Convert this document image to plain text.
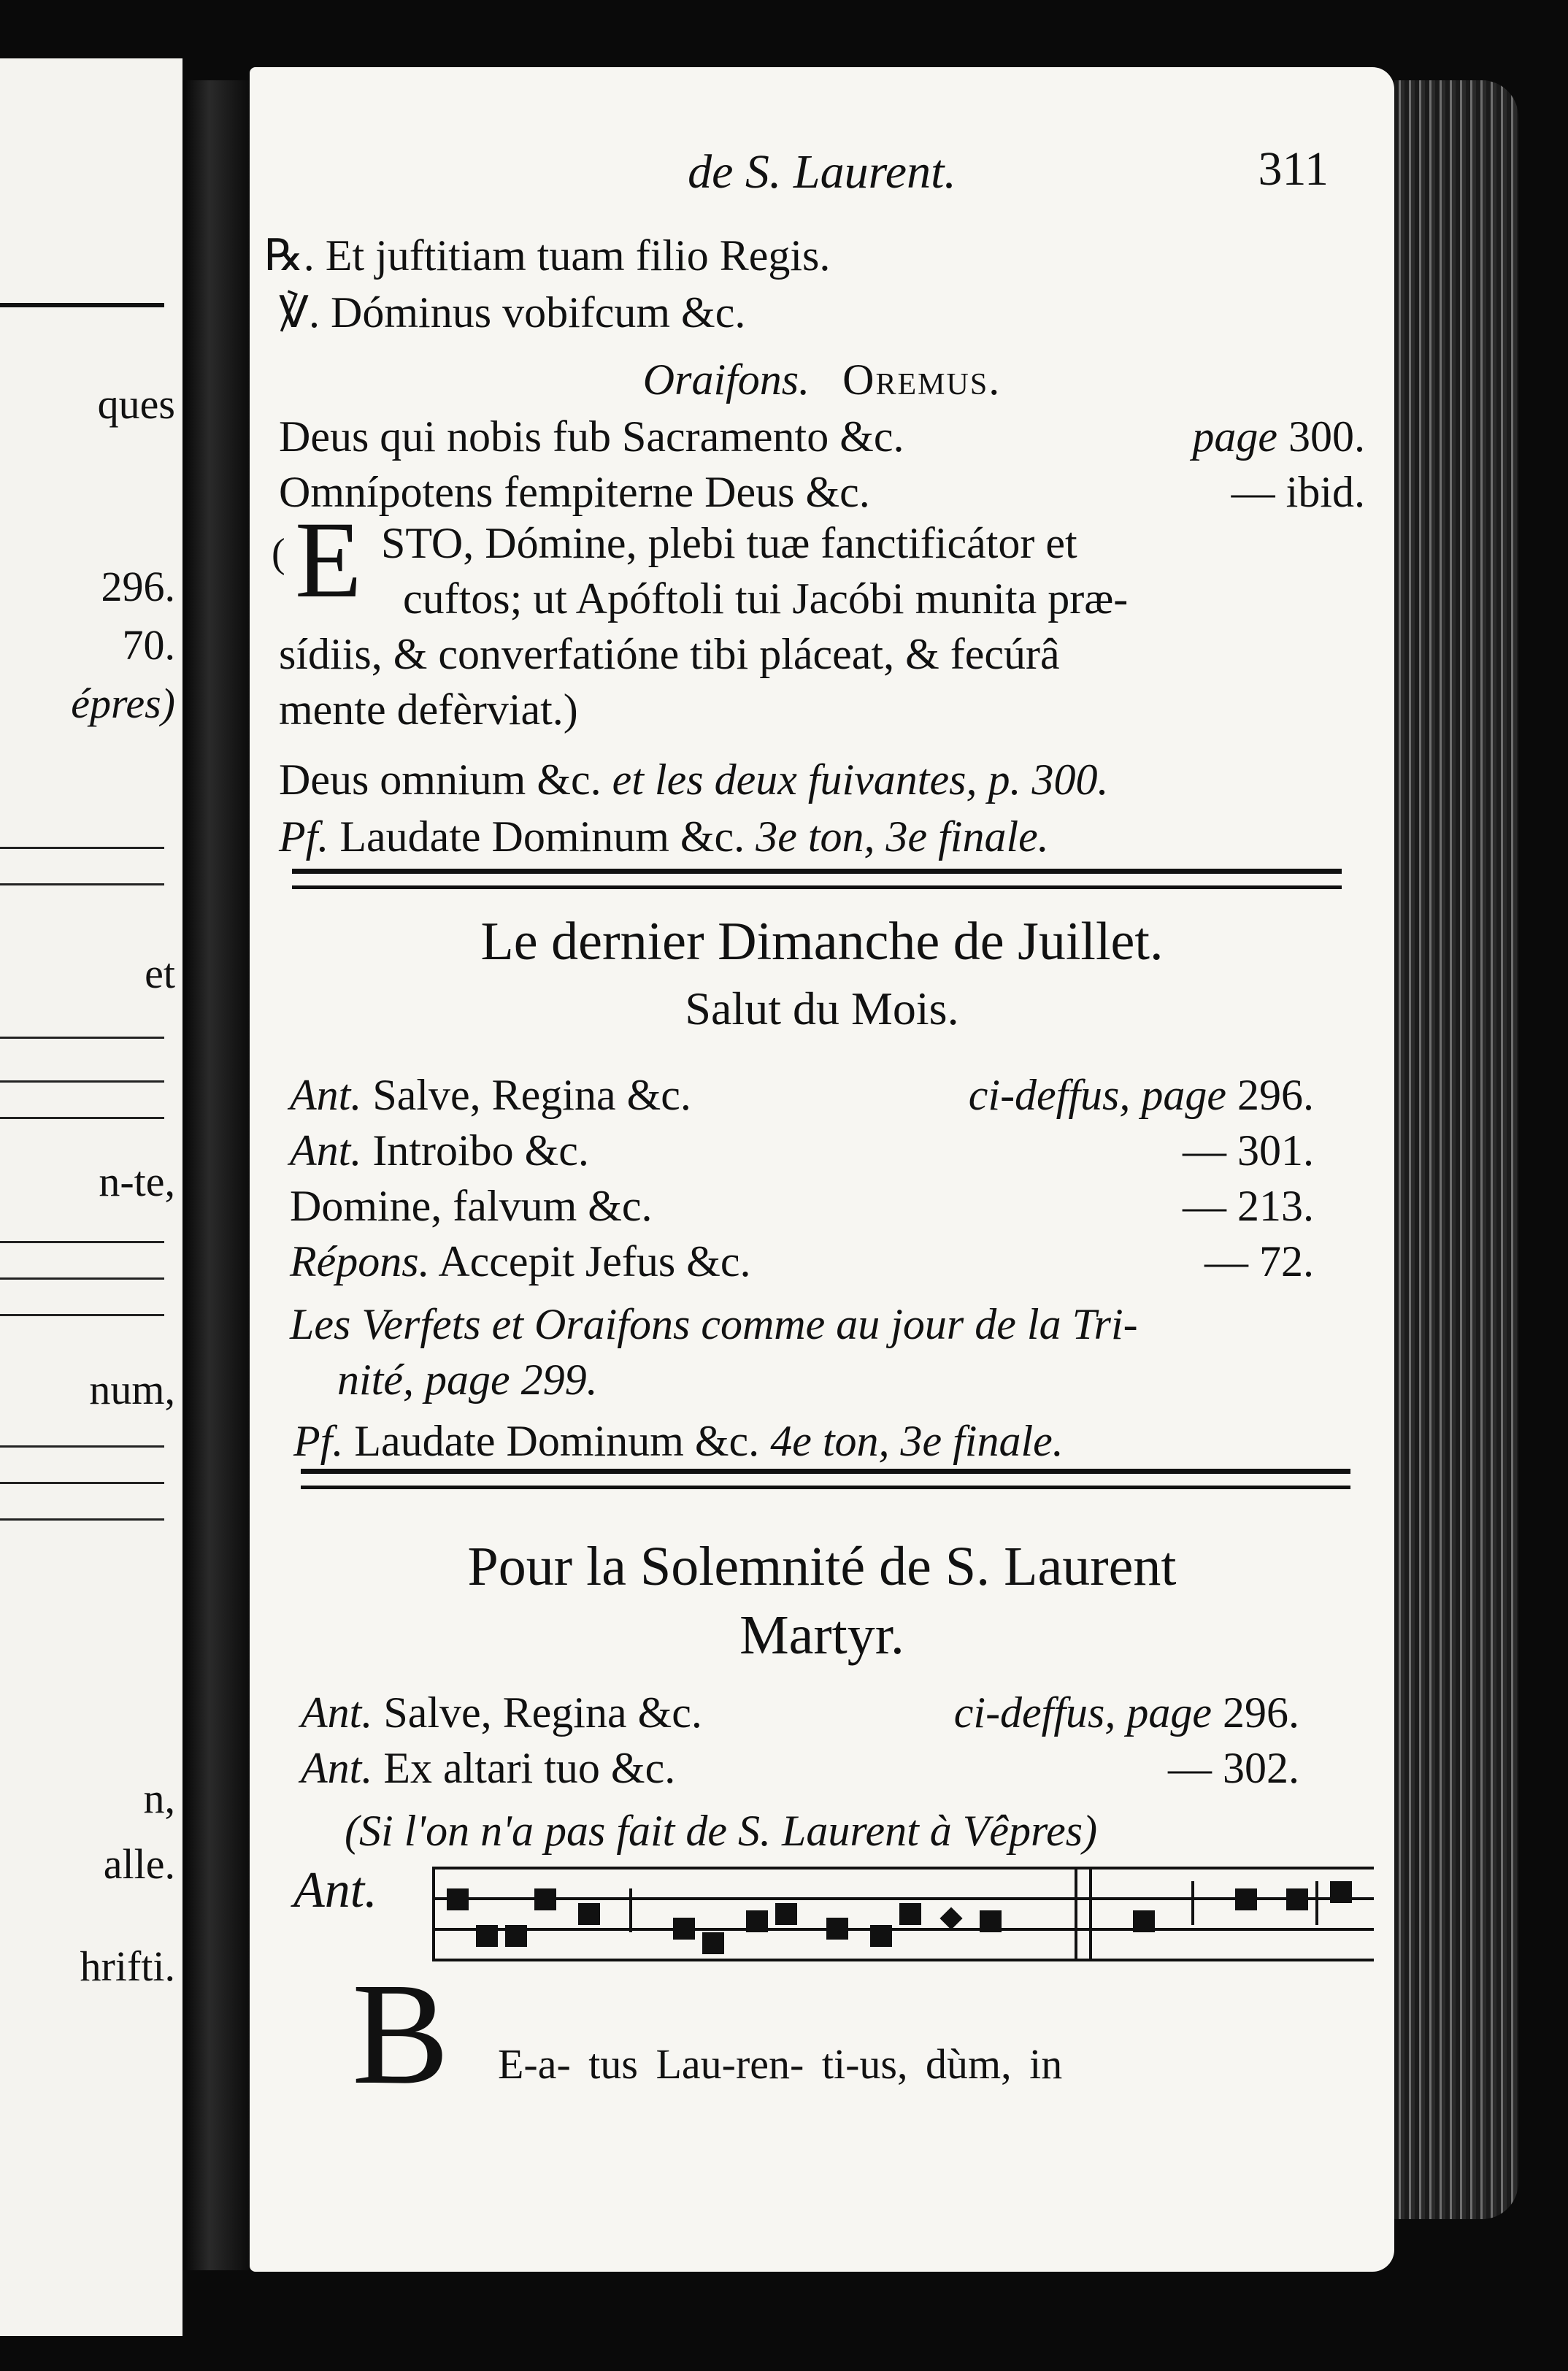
ques
296.
70.
épres)
et
n-te,
num,
n,
alle.
hrifti.
de S. Laurent.	311
℞. Et juftitiam tuam filio Regis.
℣. Dóminus vobifcum &c.
Oraifons. Oremus.
Deus qui nobis fub Sacramento &c.	page 300.
Omnípotens fempiterne Deus &c.	— ibid.
( E STO, Dómine, plebi tuæ fanctificátor et
cuftos; ut Apóftoli tui Jacóbi munita præ-
sídiis, & converfatióne tibi pláceat, & fecúrâ
mente defèrviat.)
Deus omnium &c. et les deux fuivantes, p. 300.
Pf. Laudate Dominum &c. 3e ton, 3e finale.
Le dernier Dimanche de Juillet.
Salut du Mois.
Ant. Salve, Regina &c.	ci-deffus, page 296.
Ant. Introibo &c.	— 301.
Domine, falvum &c.	— 213.
Répons. Accepit Jefus &c.	— 72.
Les Verfets et Oraifons comme au jour de la Tri-
nité, page 299.
Pf. Laudate Dominum &c. 4e ton, 3e finale.
Pour la Solemnité de S. Laurent
Martyr.
Ant. Salve, Regina &c.	ci-deffus, page 296.
Ant. Ex altari tuo &c.	— 302.
(Si l'on n'a pas fait de S. Laurent à Vêpres)
Ant.
B E-a- tus Lau-ren- ti-us, dùm, in
